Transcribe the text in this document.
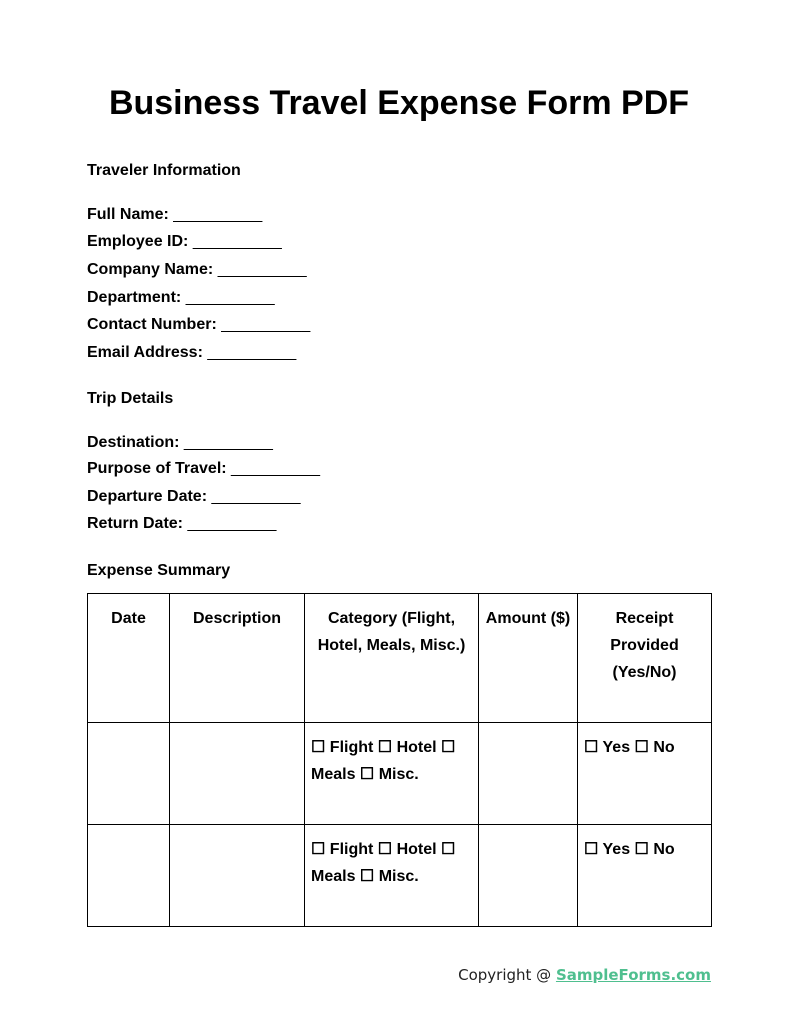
Business Travel Expense Form PDF
Traveler Information
Full Name: __________
Employee ID: __________
Company Name: __________
Department: __________
Contact Number: __________
Email Address: __________
Trip Details
Destination: __________
Purpose of Travel: __________
Departure Date: __________
Return Date: __________
Expense Summary
Date	Description	Category (Flight, Hotel, Meals, Misc.)	Amount ($)	Receipt Provided (Yes/No)
		☐ Flight ☐ Hotel ☐ Meals ☐ Misc.		☐ Yes ☐ No
		☐ Flight ☐ Hotel ☐ Meals ☐ Misc.		☐ Yes ☐ No
Copyright @ SampleForms.com
